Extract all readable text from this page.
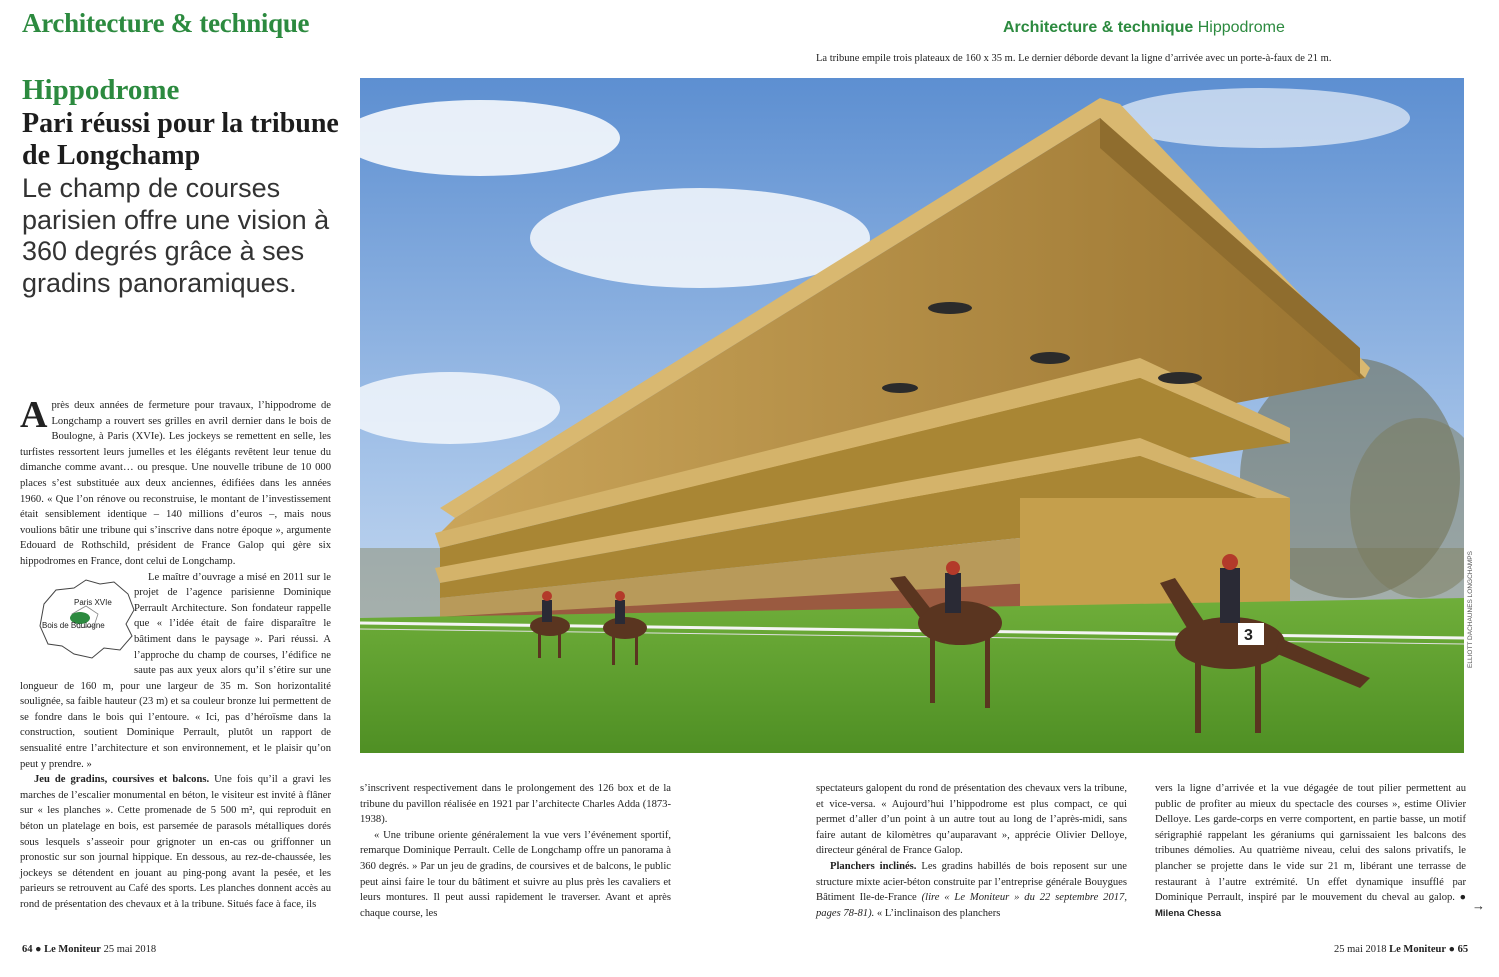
Architecture & technique	Architecture & technique Hippodrome
La tribune empile trois plateaux de 160 x 35 m. Le dernier déborde devant la ligne d’arrivée avec un porte-à-faux de 21 m.
Hippodrome
Pari réussi pour la tribune de Longchamp
Le champ de courses parisien offre une vision à 360 degrés grâce à ses gradins panoramiques.

Après deux années de fermeture pour travaux, l’hippodrome de Longchamp a rouvert ses grilles en avril dernier dans le bois de Boulogne, à Paris (XVIe). Les jockeys se remettent en selle, les turfistes ressortent leurs jumelles et les élégants revêtent leur tenue du dimanche comme avant… ou presque. Une nouvelle tribune de 10 000 places s’est substituée aux deux anciennes, édifiées dans les années 1960. « Que l’on rénove ou reconstruise, le montant de l’investissement était sensiblement identique – 140 millions d’euros –, mais nous voulions bâtir une tribune qui s’inscrive dans notre époque », argumente Edouard de Rothschild, président de France Galop qui gère six hippodromes en France, dont celui de Longchamp.

Paris XVIe
Bois de Boulogne
Le maître d’ouvrage a misé en 2011 sur le projet de l’agence parisienne Dominique Perrault Architecture. Son fondateur rappelle que « l’idée était de faire disparaître le bâtiment dans le paysage ». Pari réussi. A l’approche du champ de courses, l’édifice ne saute pas aux yeux alors qu’il s’étire sur une longueur de 160 m, pour une largeur de 35 m. Son horizontalité soulignée, sa faible hauteur (23 m) et sa couleur bronze lui permettent de se fondre dans le bois qui l’entoure. « Ici, pas d’héroïsme dans la construction, soutient Dominique Perrault, plutôt un rapport de sensualité entre l’architecture et son environnement, et le plaisir qu’on peut y prendre. »

Jeu de gradins, coursives et balcons. Une fois qu’il a gravi les marches de l’escalier monumental en béton, le visiteur est invité à flâner sur « les planches ». Cette promenade de 5 500 m², qui reproduit en béton un platelage en bois, est parsemée de parasols métalliques dorés sous lesquels s’asseoir pour grignoter un en-cas ou griffonner un pronostic sur son journal hippique. En dessous, au rez-de-chaussée, les jockeys se détendent en jouant au ping-pong avant la pesée, et les parieurs se retrouvent au Café des sports. Les planches donnent accès au rond de présentation des chevaux et à la tribune. Situés face à face, ils

3	ELLIOTT DACHAUNES LONGCHAMPS

s’inscrivent respectivement dans le prolongement des 126 box et de la tribune du pavillon réalisée en 1921 par l’architecte Charles Adda (1873-1938).

« Une tribune oriente généralement la vue vers l’événement sportif, remarque Dominique Perrault. Celle de Longchamp offre un panorama à 360 degrés. » Par un jeu de gradins, de coursives et de balcons, le public peut ainsi faire le tour du bâtiment et suivre au plus près les cavaliers et leurs montures. Il peut aussi rapidement le traverser. Avant et après chaque course, les

spectateurs galopent du rond de présentation des chevaux vers la tribune, et vice-versa. « Aujourd’hui l’hippodrome est plus compact, ce qui permet d’aller d’un point à un autre tout au long de l’après-midi, sans faire autant de kilomètres qu’auparavant », apprécie Olivier Delloye, directeur général de France Galop.

Planchers inclinés. Les gradins habillés de bois reposent sur une structure mixte acier-béton construite par l’entreprise générale Bouygues Bâtiment Ile-de-France (lire « Le Moniteur » du 22 septembre 2017, pages 78-81). « L’inclinaison des planchers

vers la ligne d’arrivée et la vue dégagée de tout pilier permettent au public de profiter au mieux du spectacle des courses », estime Olivier Delloye. Les garde-corps en verre comportent, en partie basse, un motif sérigraphié rappelant les géraniums qui garnissaient les balcons des tribunes démolies. Au quatrième niveau, celui des salons privatifs, le plancher se projette dans le vide sur 21 m, libérant une terrasse de restaurant à l’autre extrémité. Un effet dynamique insufflé par Dominique Perrault, inspiré par le mouvement du cheval au galop. ● Milena Chessa

→
64 ● Le Moniteur 25 mai 2018	25 mai 2018 Le Moniteur ● 65
